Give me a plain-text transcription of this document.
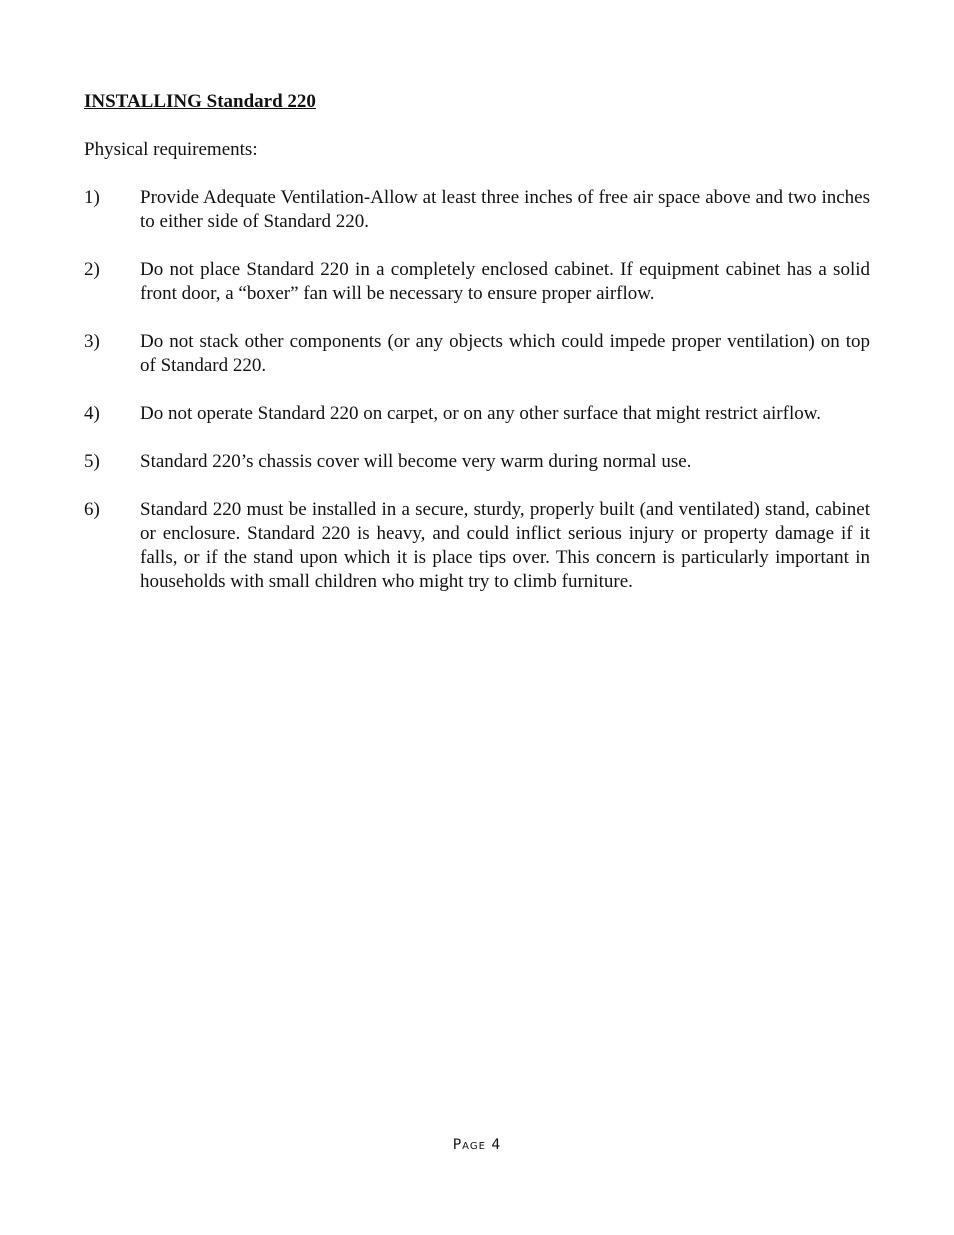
INSTALLING Standard 220
Physical requirements:
1)	Provide Adequate Ventilation-Allow at least three inches of free air space above and two inches to either side of Standard 220.
2)	Do not place Standard 220 in a completely enclosed cabinet. If equipment cabinet has a solid front door, a “boxer” fan will be necessary to ensure proper airflow.
3)	Do not stack other components (or any objects which could impede proper ventilation) on top of Standard 220.
4)	Do not operate Standard 220 on carpet, or on any other surface that might restrict airflow.
5)	Standard 220’s chassis cover will become very warm during normal use.
6)	Standard 220 must be installed in a secure, sturdy, properly built (and ventilated) stand, cabinet or enclosure. Standard 220 is heavy, and could inflict serious injury or property damage if it falls, or if the stand upon which it is place tips over. This concern is particularly important in households with small children who might try to climb furniture.
Page 4
